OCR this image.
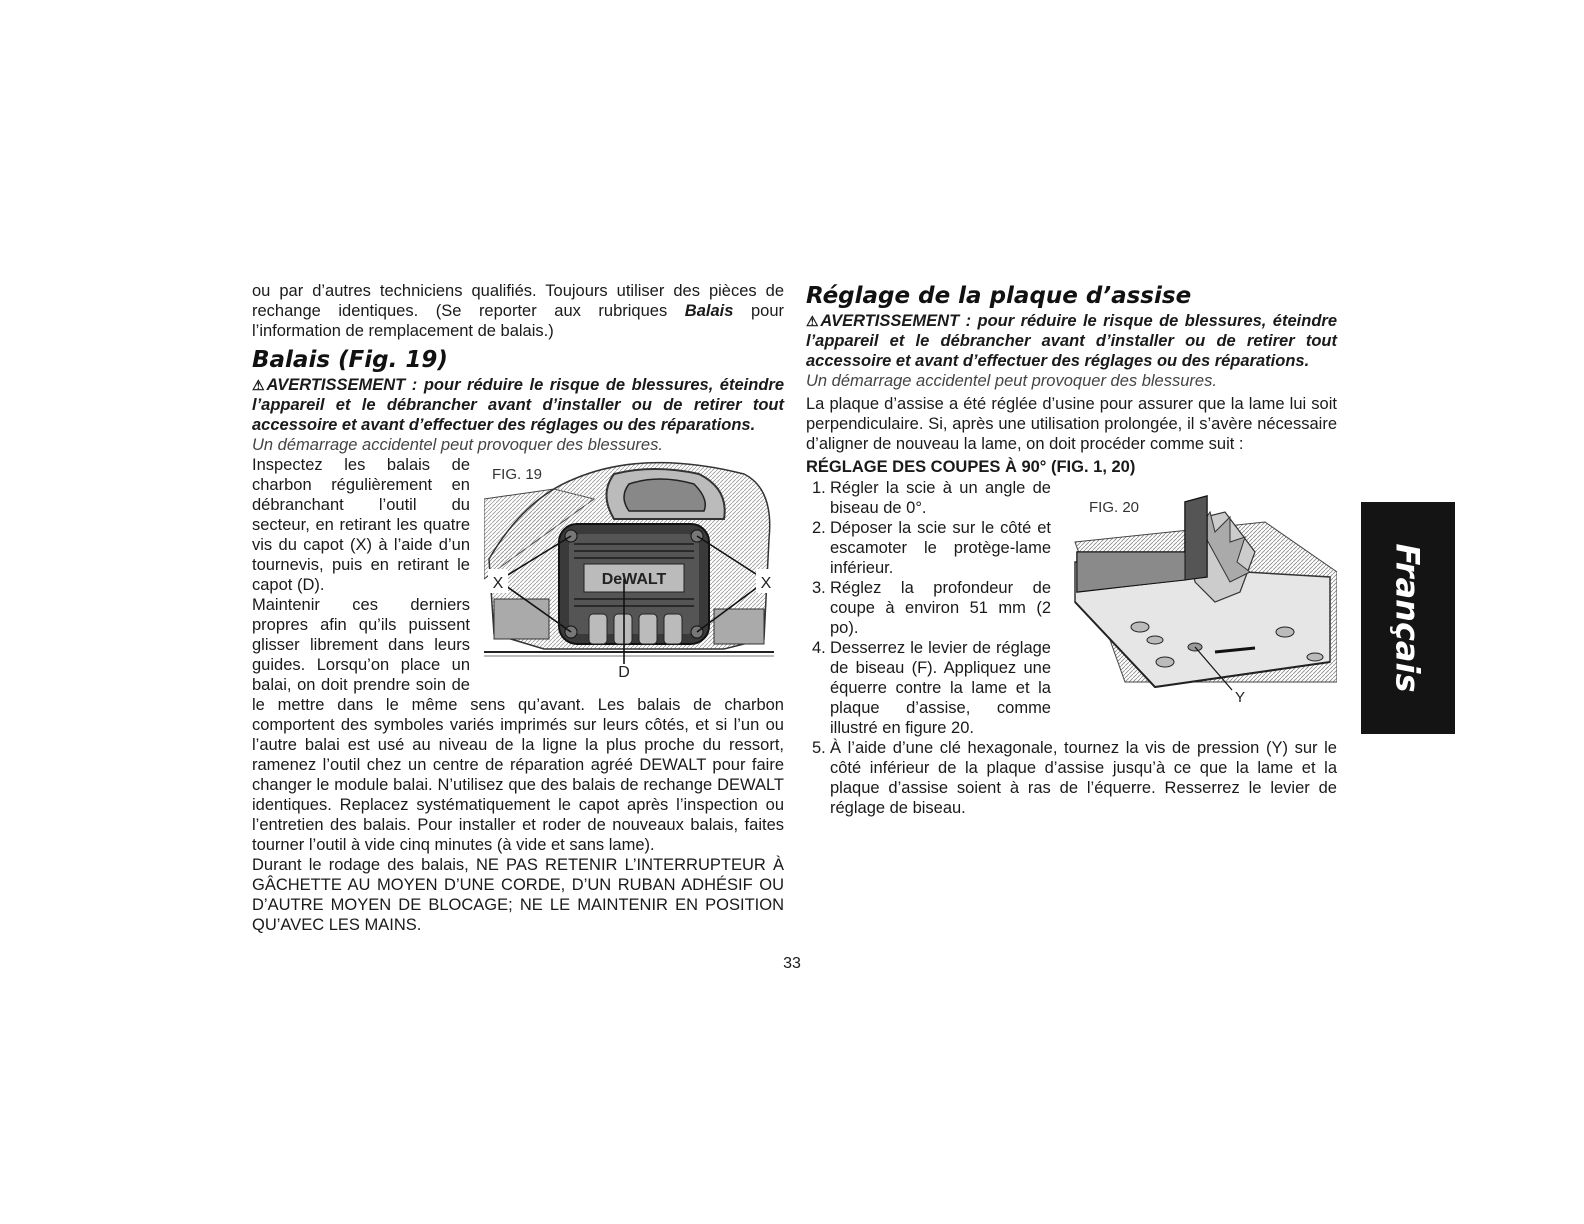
ou par d’autres techniciens qualifiés. Toujours utiliser des pièces de rechange identiques. (Se reporter aux rubriques Balais pour l’information de remplacement de balais.)

Balais (Fig. 19)

⚠AVERTISSEMENT : pour réduire le risque de blessures, éteindre l’appareil et le débrancher avant d’installer ou de retirer tout accessoire et avant d’effectuer des réglages ou des réparations.

Un démarrage accidentel peut provoquer des blessures.

FIG. 19
DeWALT
X	X
D

Inspectez les balais de charbon régulièrement en débranchant l’outil du secteur, en retirant les quatre vis du capot (X) à l’aide d’un tournevis, puis en retirant le capot (D).

Maintenir ces derniers propres afin qu’ils puissent glisser librement dans leurs guides. Lorsqu’on place un balai, on doit prendre soin de le mettre dans le même sens qu’avant. Les balais de charbon comportent des symboles variés imprimés sur leurs côtés, et si l’un ou l’autre balai est usé au niveau de la ligne la plus proche du ressort, ramenez l’outil chez un centre de réparation agréé DEWALT pour faire changer le module balai. N’utilisez que des balais de rechange DEWALT identiques. Replacez systématiquement le capot après l’inspection ou l’entretien des balais. Pour installer et roder de nouveaux balais, faites tourner l’outil à vide cinq minutes (à vide et sans lame).

Durant le rodage des balais, NE PAS RETENIR L’INTERRUPTEUR À GÂCHETTE AU MOYEN D’UNE CORDE, D’UN RUBAN ADHÉSIF OU D’AUTRE MOYEN DE BLOCAGE; NE LE MAINTENIR EN POSITION QU’AVEC LES MAINS.

Réglage de la plaque d’assise

⚠AVERTISSEMENT : pour réduire le risque de blessures, éteindre l’appareil et le débrancher avant d’installer ou de retirer tout accessoire et avant d’effectuer des réglages ou des réparations.

Un démarrage accidentel peut provoquer des blessures.

La plaque d’assise a été réglée d’usine pour assurer que la lame lui soit perpendiculaire. Si, après une utilisation prolongée, il s’avère nécessaire d’aligner de nouveau la lame, on doit procéder comme suit :

RÉGLAGE DES COUPES À 90° (FIG. 1, 20)
FIG. 20
Y
1. Régler la scie à un angle de biseau de 0°.
2. Déposer la scie sur le côté et escamoter le protège-lame inférieur.
3. Réglez la profondeur de coupe à environ 51 mm (2 po).
4. Desserrez le levier de réglage de biseau (F). Appliquez une équerre contre la lame et la plaque d’assise, comme illustré en figure 20.
5. À l’aide d’une clé hexagonale, tournez la vis de pression (Y) sur le côté inférieur de la plaque d’assise jusqu’à ce que la lame et la plaque d’assise soient à ras de l’équerre. Resserrez le levier de réglage de biseau.
33
Français
